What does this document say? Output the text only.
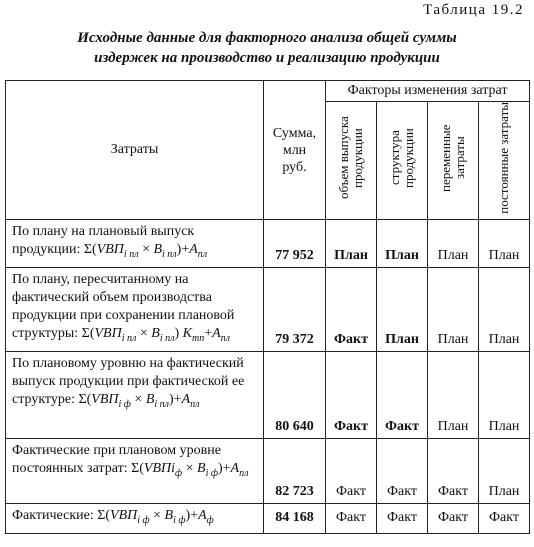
Таблица 19.2
Исходные данные для факторного анализа общей суммы
издержек на производство и реализацию продукции
Затраты	Сумма,
млн
руб.	Факторы изменения затрат			
		объем выпуска продукции	структура продукции	переменные затраты	постоянные затраты
По плану на плановый выпуск продукции: $\Sigma(VBП_{i пл} \times B_{i пл})+A_{пл}$	77 952	План	План	План	План
По плану, пересчитанному на фактический объем производства продукции при сохранении плановой структуры: $\Sigma(VBП_{i пл} \times B_{i пл})$ $K_{тп}+A_{пл}$	79 372	Факт	План	План	План
По плановому уровню на фактический выпуск продукции при фактической ее структуре: $\Sigma(VBП_{i ф} \times B_{i пл})+A_{пл}$	80 640	Факт	Факт	План	План
Фактические при плановом уровне постоянных затрат: Σ(VBПi$_ф$ × $B_{i ф})+A_{пл}$	82 723	Факт	Факт	Факт	План
Фактические: $\Sigma(VBП_{i ф} \times B_{i ф})+A_ф$	84 168	Факт	Факт	Факт	Факт
